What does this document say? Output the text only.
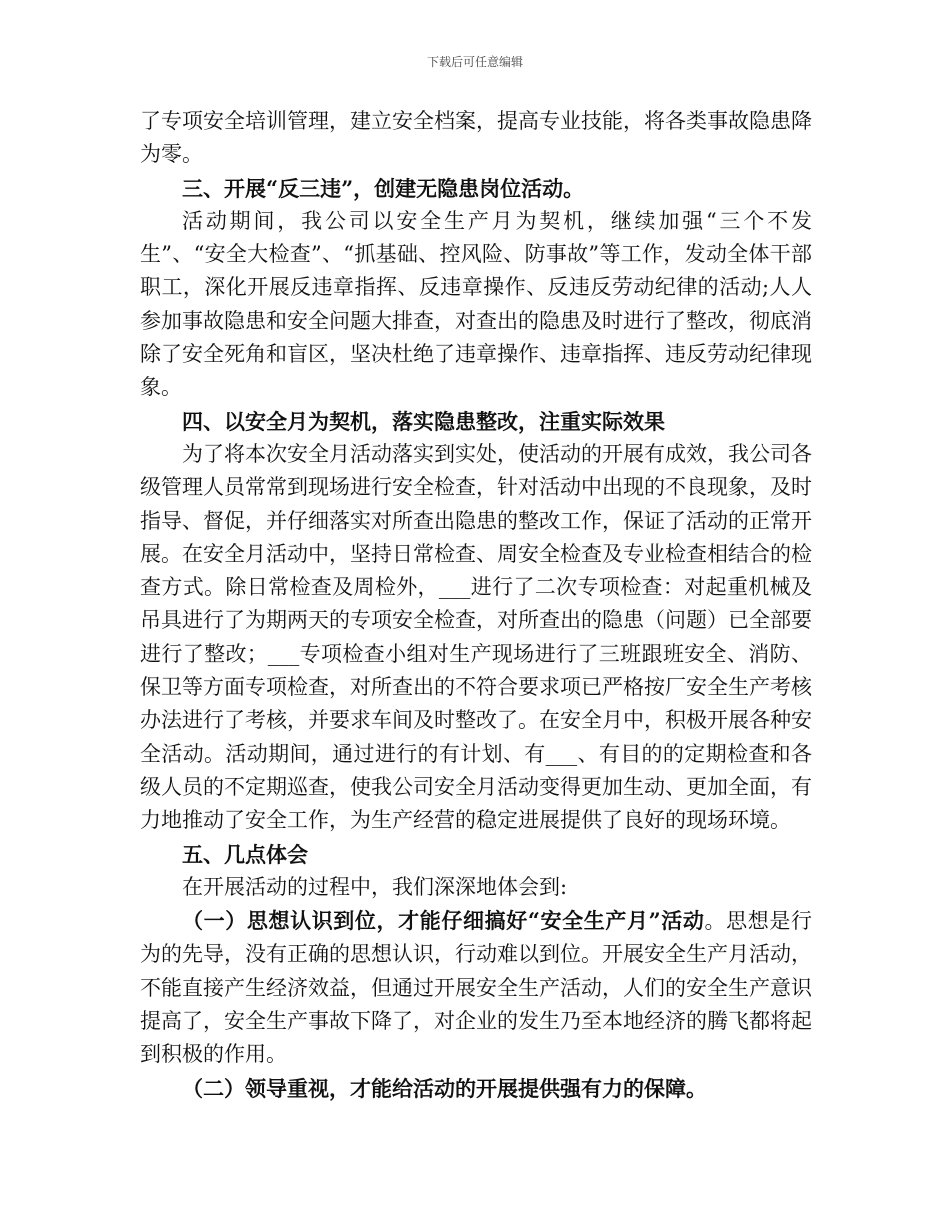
下载后可任意编辑

了专项安全培训管理，建立安全档案，提高专业技能，将各类事故隐患降为零。

三、开展“反三违”，创建无隐患岗位活动。

活动期间，我公司以安全生产月为契机，继续加强“三个不发生”、“安全大检查”、“抓基础、控风险、防事故”等工作，发动全体干部职工，深化开展反违章指挥、反违章操作、反违反劳动纪律的活动;人人参加事故隐患和安全问题大排查，对查出的隐患及时进行了整改，彻底消除了安全死角和盲区，坚决杜绝了违章操作、违章指挥、违反劳动纪律现象。

四、以安全月为契机，落实隐患整改，注重实际效果

为了将本次安全月活动落实到实处，使活动的开展有成效，我公司各级管理人员常常到现场进行安全检查，针对活动中出现的不良现象，及时指导、督促，并仔细落实对所查出隐患的整改工作，保证了活动的正常开展。在安全月活动中，坚持日常检查、周安全检查及专业检查相结合的检查方式。除日常检查及周检外，___进行了二次专项检查：对起重机械及吊具进行了为期两天的专项安全检查，对所查出的隐患（问题）已全部要进行了整改；___专项检查小组对生产现场进行了三班跟班安全、消防、保卫等方面专项检查，对所查出的不符合要求项已严格按厂安全生产考核办法进行了考核，并要求车间及时整改了。在安全月中，积极开展各种安全活动。活动期间，通过进行的有计划、有___、有目的的定期检查和各级人员的不定期巡查，使我公司安全月活动变得更加生动、更加全面，有力地推动了安全工作，为生产经营的稳定进展提供了良好的现场环境。

五、几点体会

在开展活动的过程中，我们深深地体会到:

（一）思想认识到位，才能仔细搞好“安全生产月”活动。思想是行为的先导，没有正确的思想认识，行动难以到位。开展安全生产月活动，不能直接产生经济效益，但通过开展安全生产活动，人们的安全生产意识提高了，安全生产事故下降了，对企业的发生乃至本地经济的腾飞都将起到积极的作用。

（二）领导重视，才能给活动的开展提供强有力的保障。
